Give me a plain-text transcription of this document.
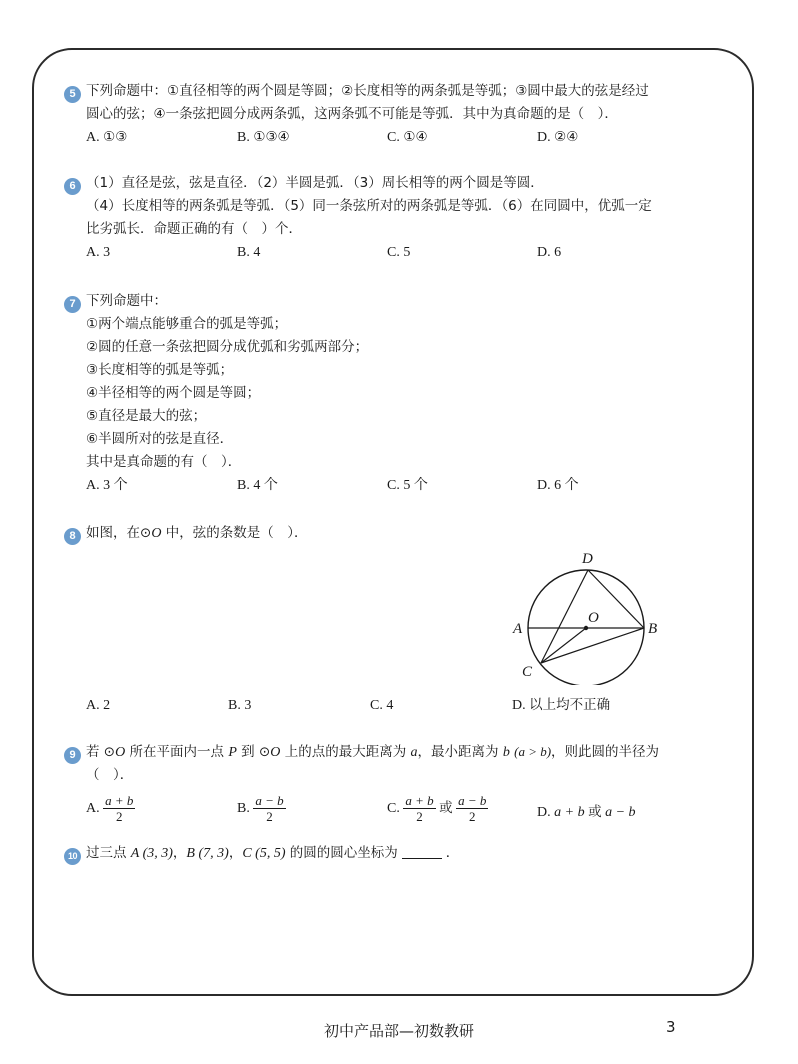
5 下列命题中：①直径相等的两个圆是等圆；②长度相等的两条弧是等弧；③圆中最大的弦是经过
圆心的弦；④一条弦把圆分成两条弧，这两条弧不可能是等弧．其中为真命题的是（　）．
A. ①③	B. ①③④	C. ①④	D. ②④
6 （1）直径是弦，弦是直径．（2）半圆是弧．（3）周长相等的两个圆是等圆．
（4）长度相等的两条弧是等弧．（5）同一条弦所对的两条弧是等弧．（6）在同圆中，优弧一定
比劣弧长．命题正确的有（　）个．
A. 3	B. 4	C. 5	D. 6
7 下列命题中：
①两个端点能够重合的弧是等弧；
②圆的任意一条弦把圆分成优弧和劣弧两部分；
③长度相等的弧是等弧；
④半径相等的两个圆是等圆；
⑤直径是最大的弦；
⑥半圆所对的弦是直径．
其中是真命题的有（　）．
A. 3 个	B. 4 个	C. 5 个	D. 6 个
8 如图，在⊙O 中，弦的条数是（　）．
D
A	B
C
O
A. 2	B. 3	C. 4	D. 以上均不正确
9 若 ⊙O 所在平面内一点 P 到 ⊙O 上的点的最大距离为 a，最小距离为 b (a > b)，则此圆的半径为
（　）．
A. $\frac{a + b}{2}$	B. $\frac{a - b}{2}$	C. $\frac{a + b}{2}$ 或 $\frac{a - b}{2}$	D. a + b 或 a − b
10 过三点 A (3, 3)，B (7, 3)，C (5, 5) 的圆的圆心坐标为	．
初中产品部—初数教研	3
